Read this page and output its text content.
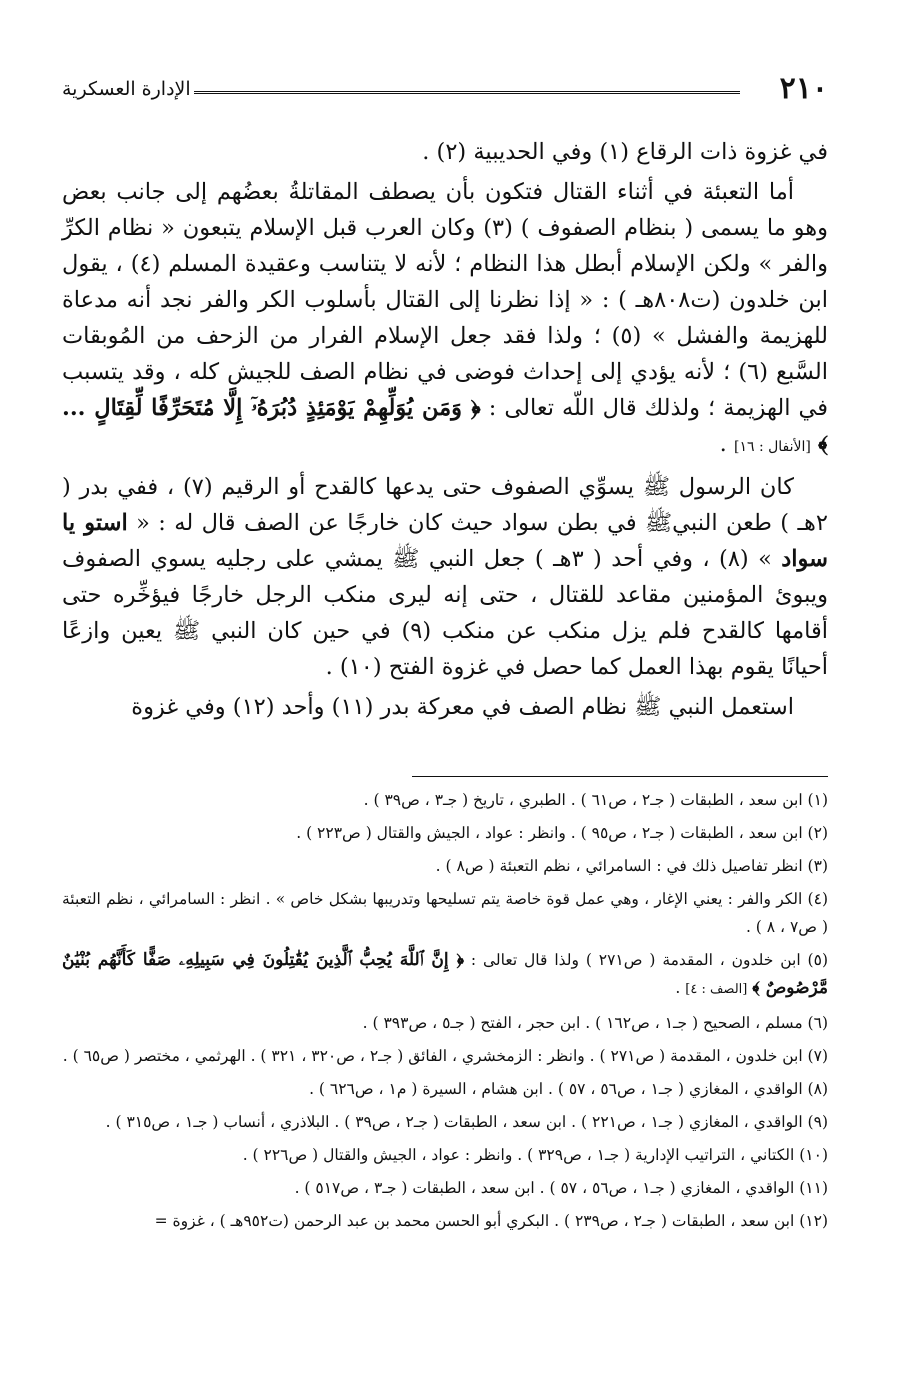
٢١٠
الإدارة العسكرية

في غزوة ذات الرقاع (١) وفي الحديبية (٢) .

أما التعبئة في أثناء القتال فتكون بأن يصطف المقاتلةُ بعضُهم إلى جانب بعض وهو ما يسمى ( بنظام الصفوف ) (٣) وكان العرب قبل الإسلام يتبعون « نظام الكرِّ والفر » ولكن الإسلام أبطل هذا النظام ؛ لأنه لا يتناسب وعقيدة المسلم (٤) ، يقول ابن خلدون (ت٨٠٨هـ ) : « إذا نظرنا إلى القتال بأسلوب الكر والفر نجد أنه مدعاة للهزيمة والفشل » (٥) ؛ ولذا فقد جعل الإسلام الفرار من الزحف من المُوبقات السَّبع (٦) ؛ لأنه يؤدي إلى إحداث فوضى في نظام الصف للجيش كله ، وقد يتسبب في الهزيمة ؛ ولذلك قال اللّه تعالى : ﴿ وَمَن يُوَلِّهِمْ يَوْمَئِذٍ دُبُرَهُۥٓ إِلَّا مُتَحَرِّفًا لِّقِتَالٍ ... ﴾ [الأنفال : ١٦] .

كان الرسول ﷺ يسوِّي الصفوف حتى يدعها كالقدح أو الرقيم (٧) ، ففي بدر ( ٢هـ ) طعن النبيﷺ في بطن سواد حيث كان خارجًا عن الصف قال له : « استو يا سواد » (٨) ، وفي أحد ( ٣هـ ) جعل النبي ﷺ يمشي على رجليه يسوي الصفوف ويبوئ المؤمنين مقاعد للقتال ، حتى إنه ليرى منكب الرجل خارجًا فيؤخِّره حتى أقامها كالقدح فلم يزل منكب عن منكب (٩) في حين كان النبي ﷺ يعين وازعًا أحيانًا يقوم بهذا العمل كما حصل في غزوة الفتح (١٠) .

استعمل النبي ﷺ نظام الصف في معركة بدر (١١) وأحد (١٢) وفي غزوة

(١) ابن سعد ، الطبقات ( جـ٢ ، ص٦١ ) . الطبري ، تاريخ ( جـ٣ ، ص٣٩ ) .

(٢) ابن سعد ، الطبقات ( جـ٢ ، ص٩٥ ) . وانظر : عواد ، الجيش والقتال ( ص٢٢٣ ) .

(٣) انظر تفاصيل ذلك في : السامرائي ، نظم التعبئة ( ص٨ ) .

(٤) الكر والفر : يعني الإغار ، وهي عمل قوة خاصة يتم تسليحها وتدريبها بشكل خاص » . انظر : السامرائي ، نظم التعبئة ( ص٧ ، ٨ ) .

(٥) ابن خلدون ، المقدمة ( ص٢٧١ ) ولذا قال تعالى : ﴿ إِنَّ ٱللَّهَ يُحِبُّ ٱلَّذِينَ يُقَٰتِلُونَ فِي سَبِيلِهِۦ صَفًّا كَأَنَّهُم بُنْيَٰنٌ مَّرْصُوصٌ ﴾ [الصف : ٤] .

(٦) مسلم ، الصحيح ( جـ١ ، ص١٦٢ ) . ابن حجر ، الفتح ( جـ٥ ، ص٣٩٣ ) .

(٧) ابن خلدون ، المقدمة ( ص٢٧١ ) . وانظر : الزمخشري ، الفائق ( جـ٢ ، ص٣٢٠ ، ٣٢١ ) . الهرثمي ، مختصر ( ص٦٥ ) .

(٨) الواقدي ، المغازي ( جـ١ ، ص٥٦ ، ٥٧ ) . ابن هشام ، السيرة ( م١ ، ص٦٢٦ ) .

(٩) الواقدي ، المغازي ( جـ١ ، ص٢٢١ ) . ابن سعد ، الطبقات ( جـ٢ ، ص٣٩ ) . البلاذري ، أنساب ( جـ١ ، ص٣١٥ ) .

(١٠) الكتاني ، التراتيب الإدارية ( جـ١ ، ص٣٢٩ ) . وانظر : عواد ، الجيش والقتال ( ص٢٢٦ ) .

(١١) الواقدي ، المغازي ( جـ١ ، ص٥٦ ، ٥٧ ) . ابن سعد ، الطبقات ( جـ٣ ، ص٥١٧ ) .

(١٢) ابن سعد ، الطبقات ( جـ٢ ، ص٢٣٩ ) . البكري أبو الحسن محمد بن عبد الرحمن (ت٩٥٢هـ ) ، غزوة =
